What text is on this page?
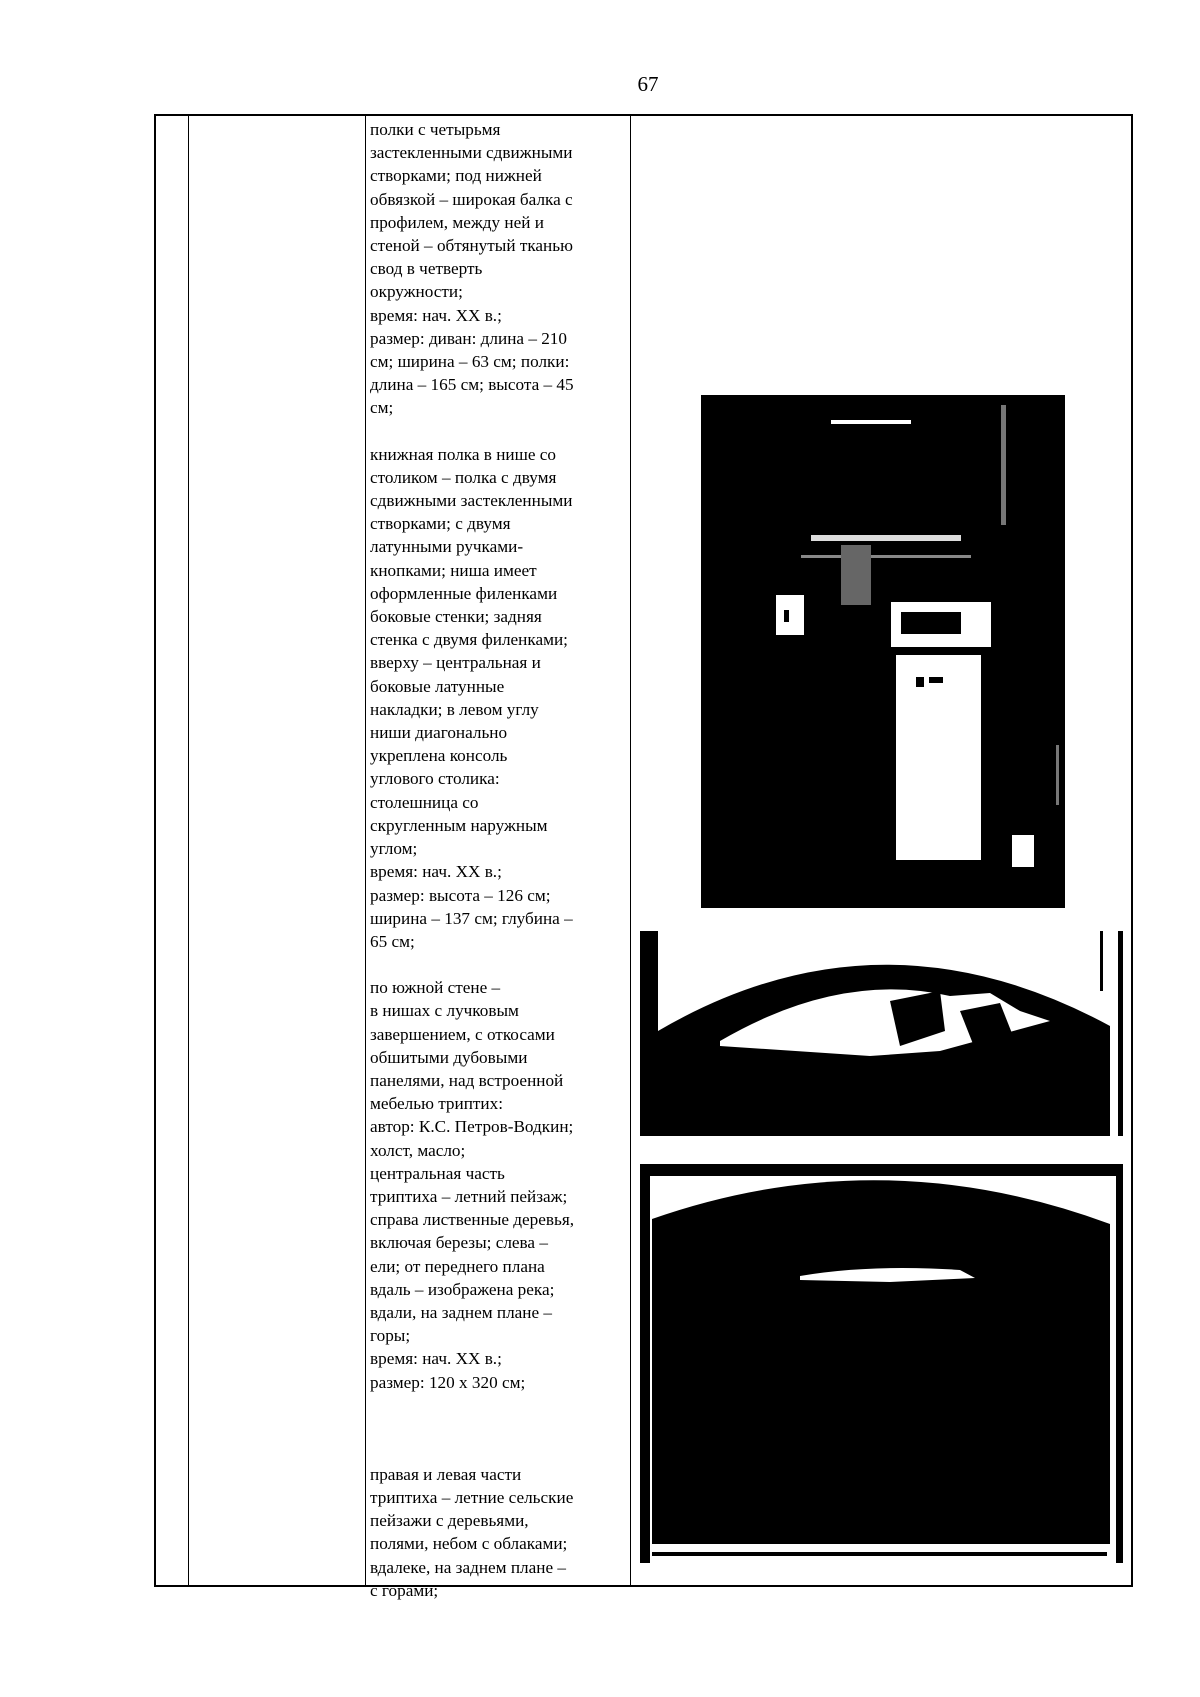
67

полки с четырьмя

застекленными сдвижными

створками; под нижней

обвязкой – широкая балка с

профилем, между ней и

стеной – обтянутый тканью

свод в четверть

окружности;

время: нач. XX в.;

размер: диван: длина – 210

см; ширина – 63 см; полки:

длина – 165 см; высота – 45

см;

книжная полка в нише со

столиком – полка с двумя

сдвижными застекленными

створками; с двумя

латунными ручками-

кнопками; ниша имеет

оформленные филенками

боковые стенки; задняя

стенка с двумя филенками;

вверху – центральная и

боковые латунные

накладки; в левом углу

ниши диагонально

укреплена консоль

углового столика:

столешница со

скругленным наружным

углом;

время: нач. XX в.;

размер: высота – 126 см;

ширина – 137 см; глубина –

65 см;

по южной стене –

в нишах с лучковым

завершением, с откосами

обшитыми дубовыми

панелями, над встроенной

мебелью триптих:

автор: К.С. Петров-Водкин;

холст, масло;

центральная часть

триптиха – летний пейзаж;

справа лиственные деревья,

включая березы; слева –

ели; от переднего плана

вдаль – изображена река;

вдали, на заднем плане –

горы;

время: нач. XX в.;

размер: 120 х 320 см;

правая и левая части

триптиха – летние сельские

пейзажи с деревьями,

полями, небом с облаками;

вдалеке, на заднем плане –

с горами;
